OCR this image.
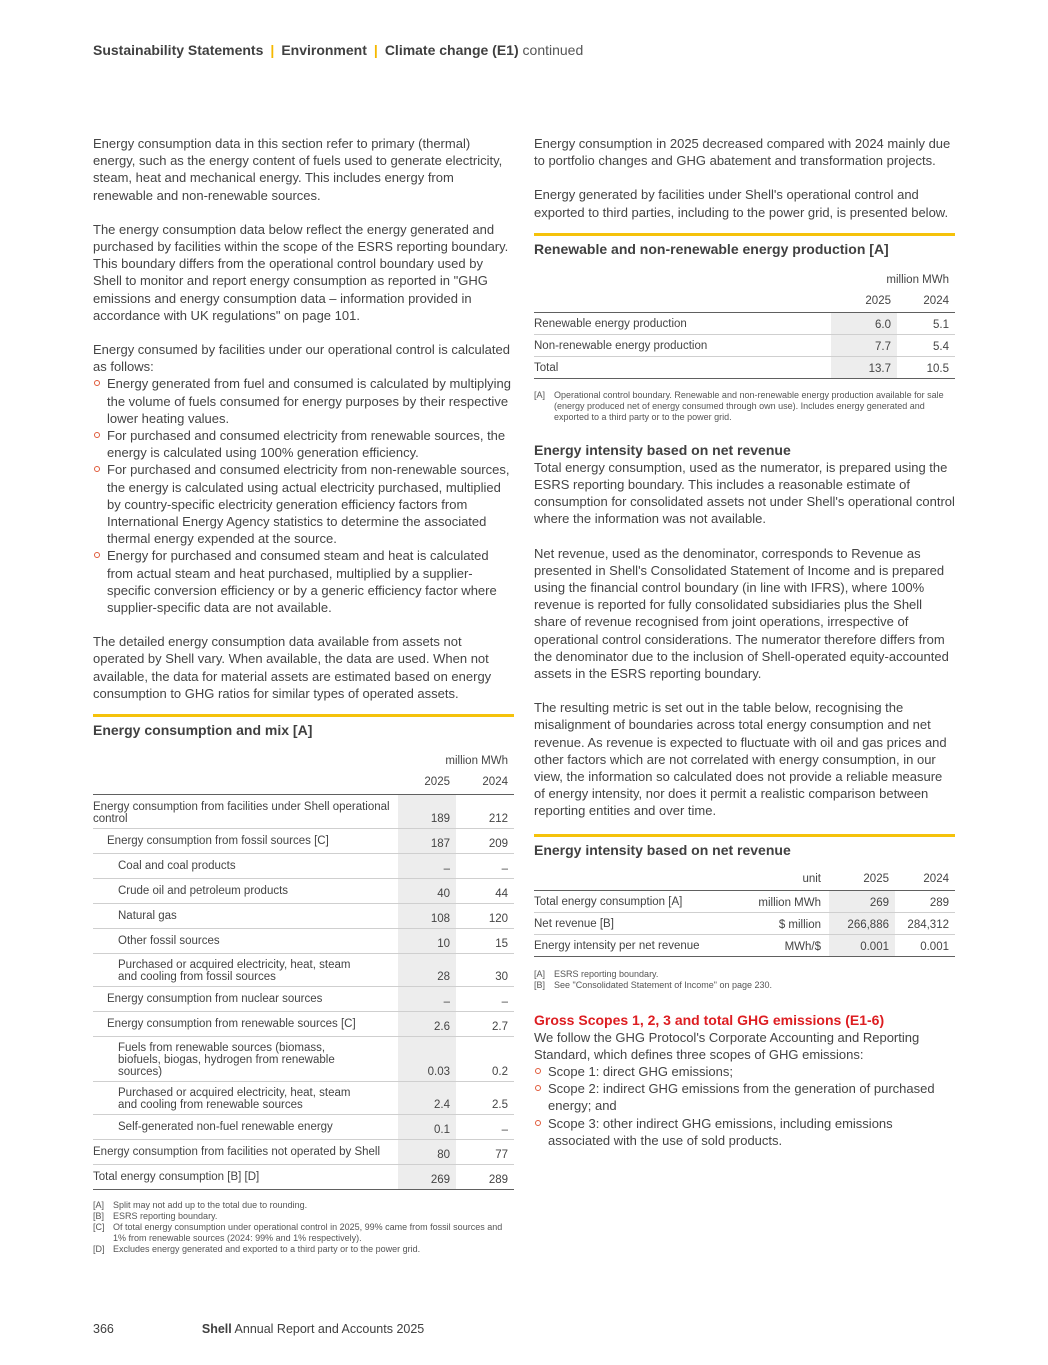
Sustainability Statements | Environment | Climate change (E1) continued

Energy consumption data in this section refer to primary (thermal) energy, such as the energy content of fuels used to generate electricity, steam, heat and mechanical energy. This includes energy from renewable and non-renewable sources.

The energy consumption data below reflect the energy generated and purchased by facilities within the scope of the ESRS reporting boundary. This boundary differs from the operational control boundary used by Shell to monitor and report energy consumption as reported in "GHG emissions and energy consumption data – information provided in accordance with UK regulations" on page 101.

Energy consumed by facilities under our operational control is calculated as follows:

Energy generated from fuel and consumed is calculated by multiplying the volume of fuels consumed for energy purposes by their respective lower heating values.
For purchased and consumed electricity from renewable sources, the energy is calculated using 100% generation efficiency.
For purchased and consumed electricity from non-renewable sources, the energy is calculated using actual electricity purchased, multiplied by country-specific electricity generation efficiency factors from International Energy Agency statistics to determine the associated thermal energy expended at the source.
Energy for purchased and consumed steam and heat is calculated from actual steam and heat purchased, multiplied by a supplier-specific conversion efficiency or by a generic efficiency factor where supplier-specific data are not available.

The detailed energy consumption data available from assets not operated by Shell vary. When available, the data are used. When not available, the data for material assets are estimated based on energy consumption to GHG ratios for similar types of operated assets.

Energy consumption and mix [A]
	million MWh	
	2025	2024
Energy consumption from facilities under Shell operational control	189	212
Energy consumption from fossil sources [C]	187	209
Coal and coal products	–	–
Crude oil and petroleum products	40	44
Natural gas	108	120
Other fossil sources	10	15
Purchased or acquired electricity, heat, steam and cooling from fossil sources	28	30
Energy consumption from nuclear sources	–	–
Energy consumption from renewable sources [C]	2.6	2.7
Fuels from renewable sources (biomass, biofuels, biogas, hydrogen from renewable sources)	0.03	0.2
Purchased or acquired electricity, heat, steam and cooling from renewable sources	2.4	2.5
Self-generated non-fuel renewable energy	0.1	–
Energy consumption from facilities not operated by Shell	80	77
Total energy consumption [B] [D]	269	289
[A] Split may not add up to the total due to rounding.
[B] ESRS reporting boundary.
[C] Of total energy consumption under operational control in 2025, 99% came from fossil sources and 1% from renewable sources (2024: 99% and 1% respectively).
[D] Excludes energy generated and exported to a third party or to the power grid.

Energy consumption in 2025 decreased compared with 2024 mainly due to portfolio changes and GHG abatement and transformation projects.

Energy generated by facilities under Shell's operational control and exported to third parties, including to the power grid, is presented below.

Renewable and non-renewable energy production [A]
	million MWh	
	2025	2024
Renewable energy production	6.0	5.1
Non-renewable energy production	7.7	5.4
Total	13.7	10.5
[A] Operational control boundary. Renewable and non-renewable energy production available for sale (energy produced net of energy consumed through own use). Includes energy generated and exported to a third party or to the power grid.
Energy intensity based on net revenue

Total energy consumption, used as the numerator, is prepared using the ESRS reporting boundary. This includes a reasonable estimate of consumption for consolidated assets not under Shell's operational control where the information was not available.

Net revenue, used as the denominator, corresponds to Revenue as presented in Shell's Consolidated Statement of Income and is prepared using the financial control boundary (in line with IFRS), where 100% revenue is reported for fully consolidated subsidiaries plus the Shell share of revenue recognised from joint operations, irrespective of operational control considerations. The numerator therefore differs from the denominator due to the inclusion of Shell-operated equity-accounted assets in the ESRS reporting boundary.

The resulting metric is set out in the table below, recognising the misalignment of boundaries across total energy consumption and net revenue. As revenue is expected to fluctuate with oil and gas prices and other factors which are not correlated with energy consumption, in our view, the information so calculated does not provide a reliable measure of energy intensity, nor does it permit a realistic comparison between reporting entities and over time.

Energy intensity based on net revenue
	unit	2025	2024
Total energy consumption [A]	million MWh	269	289
Net revenue [B]	$ million	266,886	284,312
Energy intensity per net revenue	MWh/$	0.001	0.001
[A] ESRS reporting boundary.
[B] See "Consolidated Statement of Income" on page 230.
Gross Scopes 1, 2, 3 and total GHG emissions (E1-6)

We follow the GHG Protocol's Corporate Accounting and Reporting Standard, which defines three scopes of GHG emissions:

Scope 1: direct GHG emissions;
Scope 2: indirect GHG emissions from the generation of purchased energy; and
Scope 3: other indirect GHG emissions, including emissions associated with the use of sold products.
366	Shell Annual Report and Accounts 2025
